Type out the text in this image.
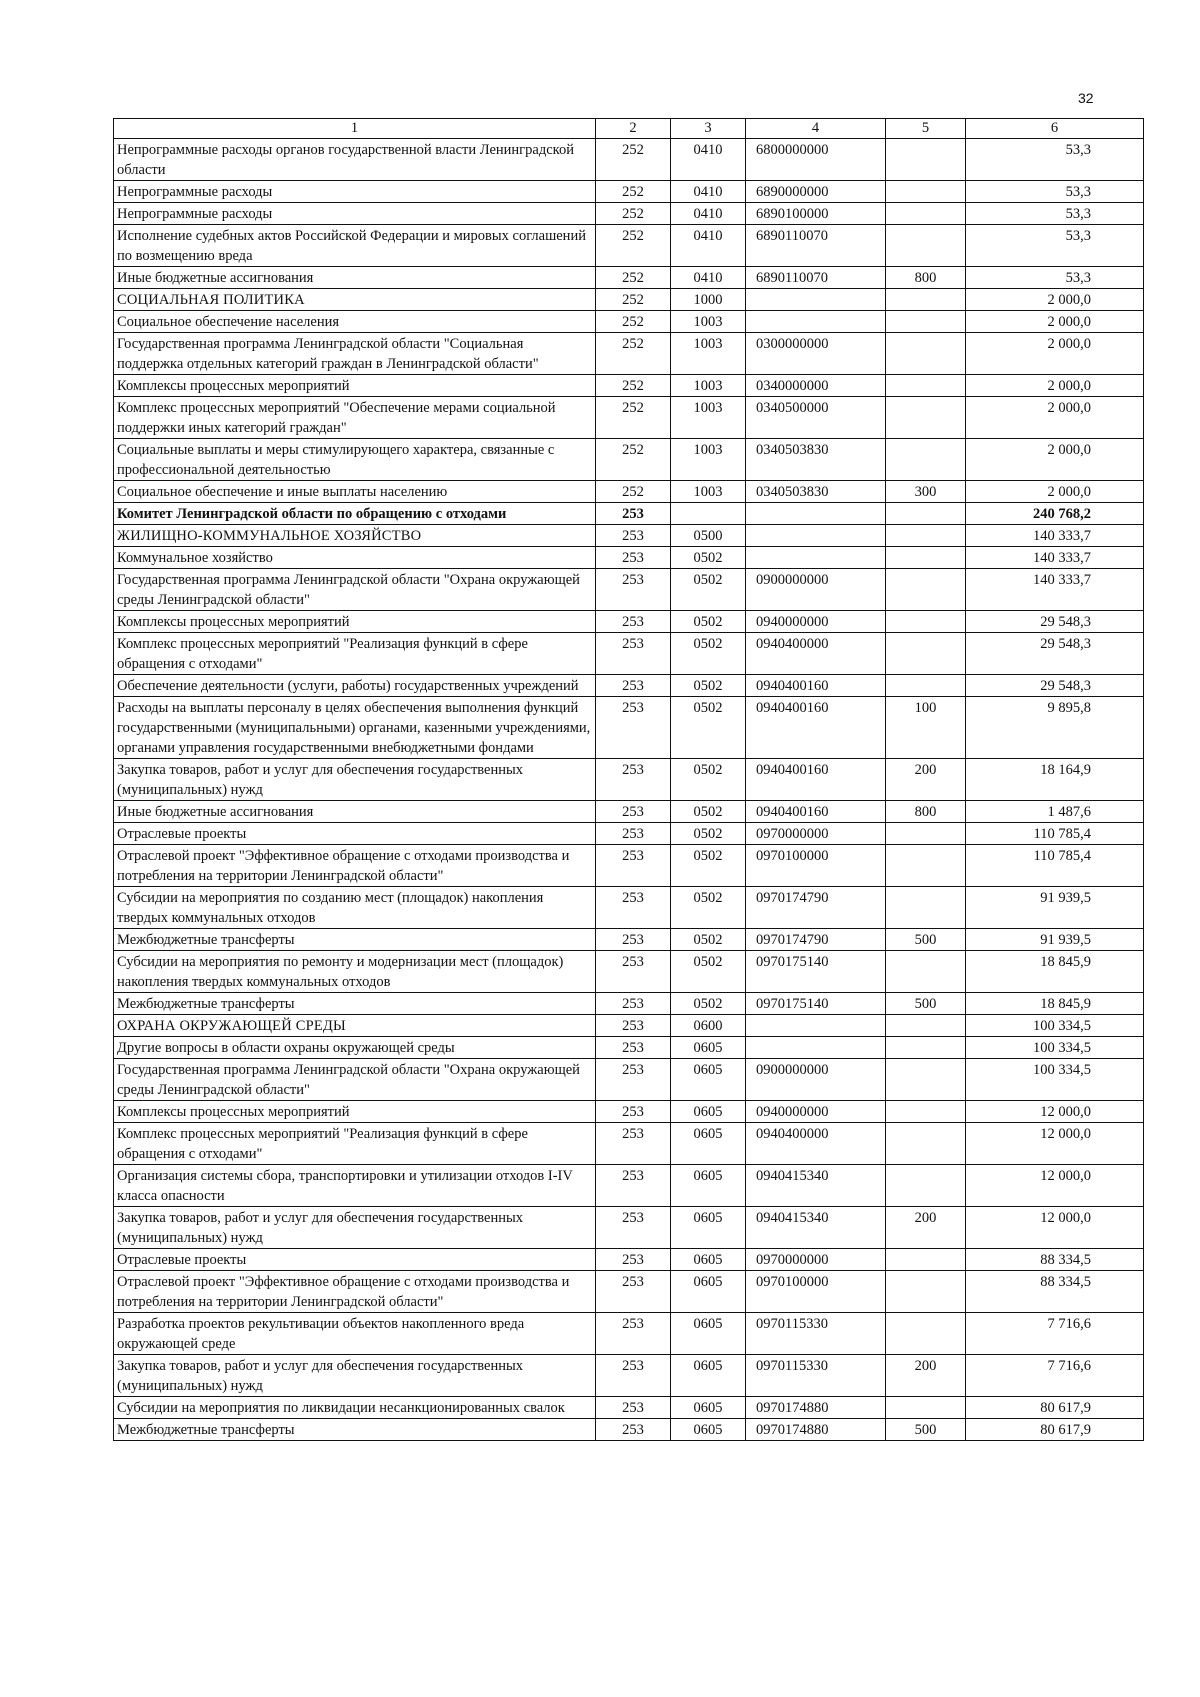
32
1	2	3	4	5	6
Непрограммные расходы органов государственной власти Ленинградской области	252	0410	6800000000		53,3
Непрограммные расходы	252	0410	6890000000		53,3
Непрограммные расходы	252	0410	6890100000		53,3
Исполнение судебных актов Российской Федерации и мировых соглашений по возмещению вреда	252	0410	6890110070		53,3
Иные бюджетные ассигнования	252	0410	6890110070	800	53,3
СОЦИАЛЬНАЯ ПОЛИТИКА	252	1000			2 000,0
Социальное обеспечение населения	252	1003			2 000,0
Государственная программа Ленинградской области "Социальная поддержка отдельных категорий граждан в Ленинградской области"	252	1003	0300000000		2 000,0
Комплексы процессных мероприятий	252	1003	0340000000		2 000,0
Комплекс процессных мероприятий "Обеспечение мерами социальной поддержки иных категорий граждан"	252	1003	0340500000		2 000,0
Социальные выплаты и меры стимулирующего характера, связанные с профессиональной деятельностью	252	1003	0340503830		2 000,0
Социальное обеспечение и иные выплаты населению	252	1003	0340503830	300	2 000,0
Комитет Ленинградской области по обращению с отходами	253				240 768,2
ЖИЛИЩНО-КОММУНАЛЬНОЕ ХОЗЯЙСТВО	253	0500			140 333,7
Коммунальное хозяйство	253	0502			140 333,7
Государственная программа Ленинградской области "Охрана окружающей среды Ленинградской области"	253	0502	0900000000		140 333,7
Комплексы процессных мероприятий	253	0502	0940000000		29 548,3
Комплекс процессных мероприятий "Реализация функций в сфере обращения с отходами"	253	0502	0940400000		29 548,3
Обеспечение деятельности (услуги, работы) государственных учреждений	253	0502	0940400160		29 548,3
Расходы на выплаты персоналу в целях обеспечения выполнения функций государственными (муниципальными) органами, казенными учреждениями, органами управления государственными внебюджетными фондами	253	0502	0940400160	100	9 895,8
Закупка товаров, работ и услуг для обеспечения государственных (муниципальных) нужд	253	0502	0940400160	200	18 164,9
Иные бюджетные ассигнования	253	0502	0940400160	800	1 487,6
Отраслевые проекты	253	0502	0970000000		110 785,4
Отраслевой проект "Эффективное обращение с отходами производства и потребления на территории Ленинградской области"	253	0502	0970100000		110 785,4
Субсидии на мероприятия по созданию мест (площадок) накопления твердых коммунальных отходов	253	0502	0970174790		91 939,5
Межбюджетные трансферты	253	0502	0970174790	500	91 939,5
Субсидии на мероприятия по ремонту и модернизации мест (площадок) накопления твердых коммунальных отходов	253	0502	0970175140		18 845,9
Межбюджетные трансферты	253	0502	0970175140	500	18 845,9
ОХРАНА ОКРУЖАЮЩЕЙ СРЕДЫ	253	0600			100 334,5
Другие вопросы в области охраны окружающей среды	253	0605			100 334,5
Государственная программа Ленинградской области "Охрана окружающей среды Ленинградской области"	253	0605	0900000000		100 334,5
Комплексы процессных мероприятий	253	0605	0940000000		12 000,0
Комплекс процессных мероприятий "Реализация функций в сфере обращения с отходами"	253	0605	0940400000		12 000,0
Организация системы сбора, транспортировки и утилизации отходов I-IV класса опасности	253	0605	0940415340		12 000,0
Закупка товаров, работ и услуг для обеспечения государственных (муниципальных) нужд	253	0605	0940415340	200	12 000,0
Отраслевые проекты	253	0605	0970000000		88 334,5
Отраслевой проект "Эффективное обращение с отходами производства и потребления на территории Ленинградской области"	253	0605	0970100000		88 334,5
Разработка проектов рекультивации объектов накопленного вреда окружающей среде	253	0605	0970115330		7 716,6
Закупка товаров, работ и услуг для обеспечения государственных (муниципальных) нужд	253	0605	0970115330	200	7 716,6
Субсидии на мероприятия по ликвидации несанкционированных свалок	253	0605	0970174880		80 617,9
Межбюджетные трансферты	253	0605	0970174880	500	80 617,9
